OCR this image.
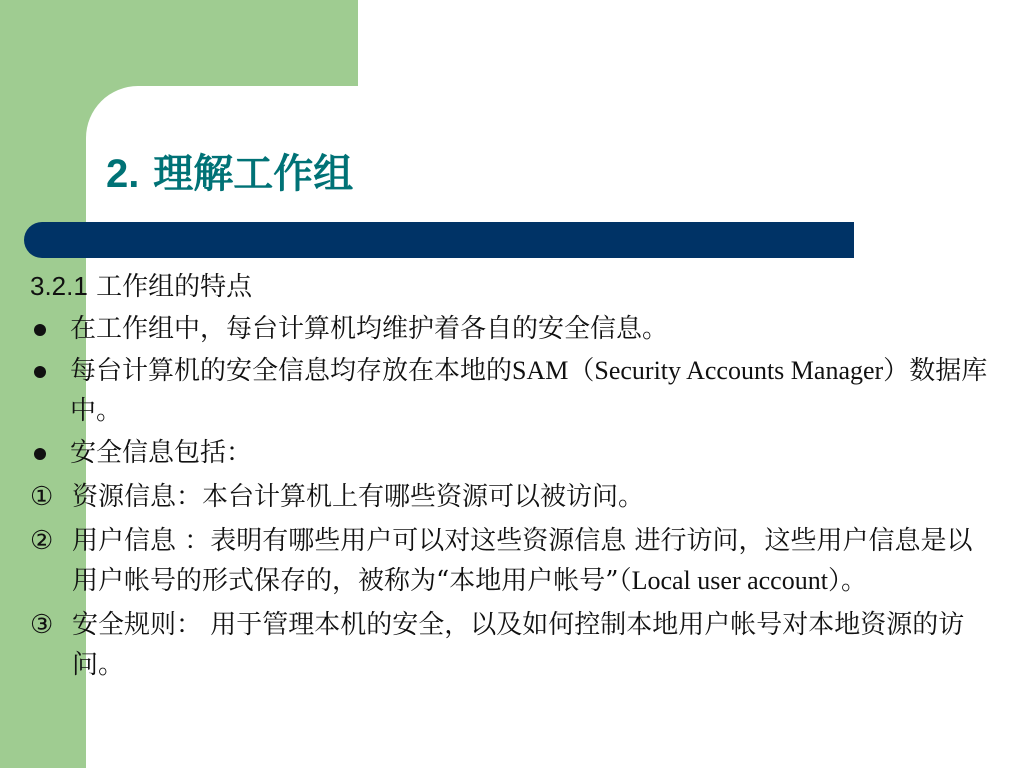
2. 理解工作组
3.2.1 工作组的特点
在工作组中，每台计算机均维护着各自的安全信息。
每台计算机的安全信息均存放在本地的SAM（Security Accounts Manager）数据库中。
安全信息包括：
① 资源信息：本台计算机上有哪些资源可以被访问。
② 用户信息 ：表明有哪些用户可以对这些资源信息 进行访问，这些用户信息是以用户帐号的形式保存的，被称为“本地用户帐号”（Local user account）。
③ 安全规则： 用于管理本机的安全，以及如何控制本地用户帐号对本地资源的访问。
